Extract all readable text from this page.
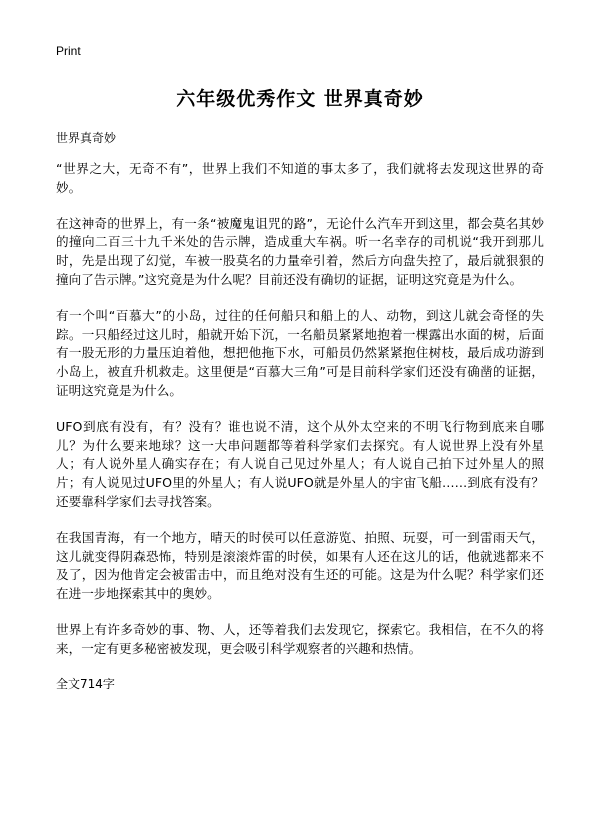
Print
六年级优秀作文 世界真奇妙
世界真奇妙

“世界之大，无奇不有”，世界上我们不知道的事太多了，我们就将去发现这世界的奇妙。

在这神奇的世界上，有一条“被魔鬼诅咒的路”，无论什么汽车开到这里，都会莫名其妙的撞向二百三十九千米处的告示牌，造成重大车祸。听一名幸存的司机说“我开到那儿时，先是出现了幻觉，车被一股莫名的力量牵引着，然后方向盘失控了，最后就狠狠的撞向了告示牌。”这究竟是为什么呢？目前还没有确切的证据，证明这究竟是为什么。

有一个叫“百慕大”的小岛，过往的任何船只和船上的人、动物，到这儿就会奇怪的失踪。一只船经过这儿时，船就开始下沉，一名船员紧紧地抱着一棵露出水面的树，后面有一股无形的力量压迫着他，想把他拖下水，可船员仍然紧紧抱住树枝，最后成功游到小岛上，被直升机救走。这里便是“百慕大三角”可是目前科学家们还没有确凿的证据，证明这究竟是为什么。

UFO到底有没有，有？没有？谁也说不清，这个从外太空来的不明飞行物到底来自哪儿？为什么要来地球？这一大串问题都等着科学家们去探究。有人说世界上没有外星人；有人说外星人确实存在；有人说自己见过外星人；有人说自己拍下过外星人的照片；有人说见过UFO里的外星人；有人说UFO就是外星人的宇宙飞船……到底有没有？还要靠科学家们去寻找答案。

在我国青海，有一个地方，晴天的时侯可以任意游览、拍照、玩耍，可一到雷雨天气，这儿就变得阴森恐怖，特别是滚滚炸雷的时侯，如果有人还在这儿的话，他就逃都来不及了，因为他肯定会被雷击中，而且绝对没有生还的可能。这是为什么呢？科学家们还在进一步地探索其中的奥妙。

世界上有许多奇妙的事、物、人，还等着我们去发现它，探索它。我相信，在不久的将来，一定有更多秘密被发现，更会吸引科学观察者的兴趣和热情。

全文714字
